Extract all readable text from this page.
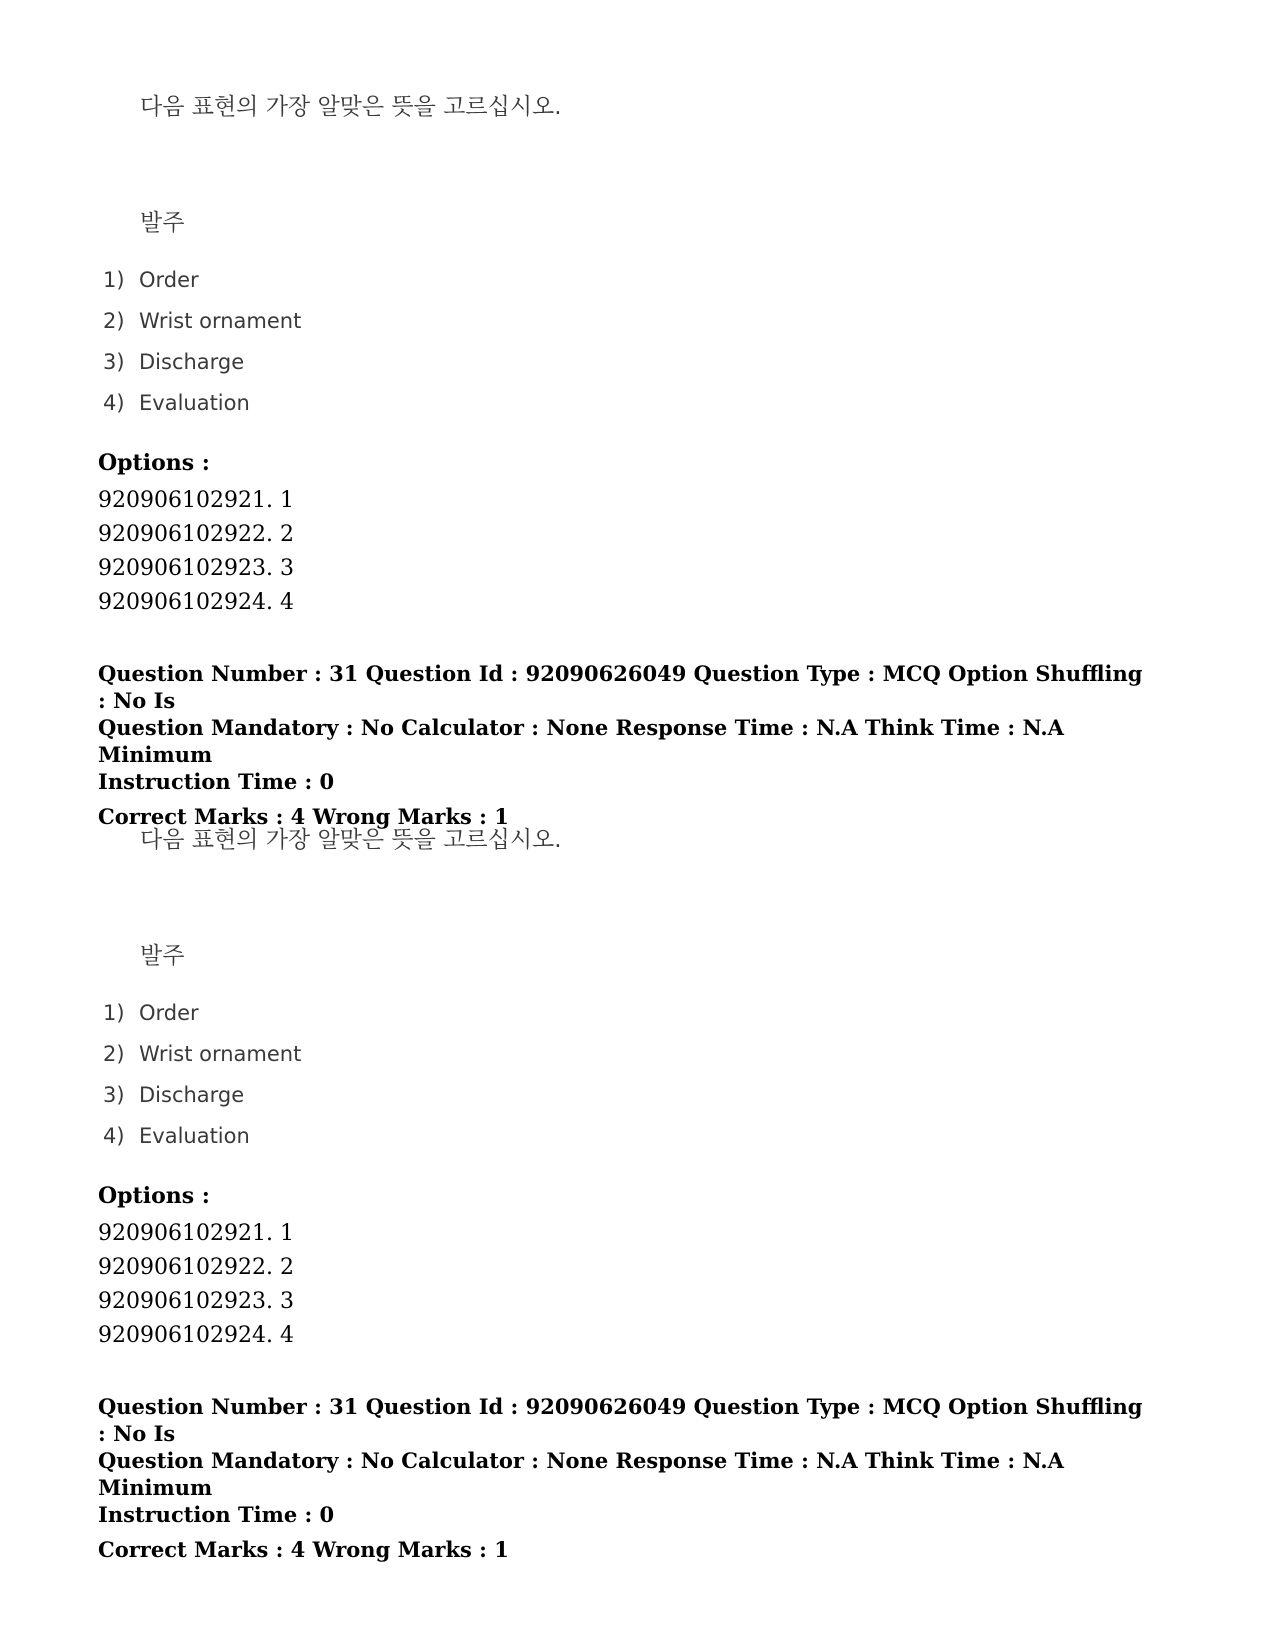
다음 표현의 가장 알맞은 뜻을 고르십시오.
발주
1) Order
2) Wrist ornament
3) Discharge
4) Evaluation
Options :
920906102921. 1
920906102922. 2
920906102923. 3
920906102924. 4
Question Number : 31 Question Id : 92090626049 Question Type : MCQ Option Shuffling : No Is
Question Mandatory : No Calculator : None Response Time : N.A Think Time : N.A Minimum
Instruction Time : 0
Correct Marks : 4 Wrong Marks : 1
다음 표현의 가장 알맞은 뜻을 고르십시오.
발주
1) Order
2) Wrist ornament
3) Discharge
4) Evaluation
Options :
920906102921. 1
920906102922. 2
920906102923. 3
920906102924. 4
Question Number : 31 Question Id : 92090626049 Question Type : MCQ Option Shuffling : No Is
Question Mandatory : No Calculator : None Response Time : N.A Think Time : N.A Minimum
Instruction Time : 0
Correct Marks : 4 Wrong Marks : 1
